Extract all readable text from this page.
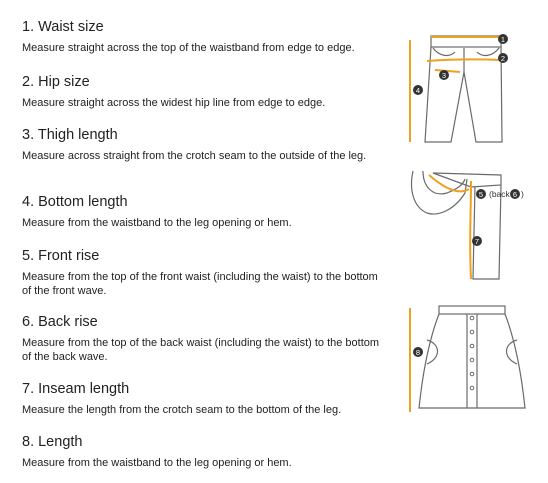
1. Waist size
Measure straight across the top of the waistband from edge to edge.
2. Hip size
Measure straight across the widest hip line from edge to edge.
3. Thigh length
Measure across straight from the crotch seam to the outside of the leg.
4. Bottom length
Measure from the waistband to the leg opening or hem.
5. Front rise
Measure from the top of the front waist (including the waist) to the bottom of the front wave.
6. Back rise
Measure from the top of the back waist (including the waist) to the bottom of the back wave.
7. Inseam length
Measure the length from the crotch seam to the bottom of the leg.
8. Length
Measure from the waistband to the leg opening or hem.
1
2
3
4
5 (back 6 )
7
8
